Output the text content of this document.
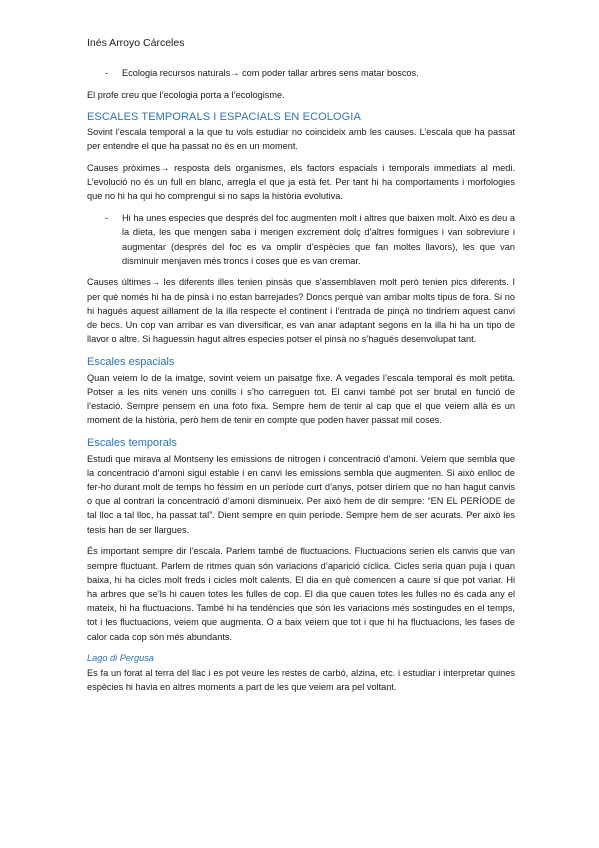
Inés Arroyo Cárceles
-	Ecologia recursos naturals→ com poder tallar arbres sens matar boscos.

El profe creu que l’ecologia porta a l’ecologisme.

ESCALES TEMPORALS I ESPACIALS EN ECOLOGIA

Sovint l’escala temporal a la que tu vols estudiar no coincideix amb les causes. L’escala que ha passat per entendre el que ha passat no és en un moment.

Causes pròximes→ resposta dels organismes, els factors espacials i temporals immediats al medi. L’evolució no és un full en blanc, arregla el que ja està fet. Per tant hi ha comportaments i morfologies que no hi ha qui ho comprengui si no saps la història evolutiva.

-	Hi ha unes especies que després del foc augmenten molt i altres que baixen molt. Això es deu a la dieta, les que mengen saba i mengen excrement dolç d’altres formigues i van sobreviure i augmentar (després del foc es va omplir d’espècies que fan moltes llavors), les que van disminuir menjaven més troncs i coses que es van cremar.

Causes últimes→ les diferents illes tenien pinsàs que s’assemblaven molt però tenien pics diferents. I per què només hi ha de pinsà i no estan barrejades? Doncs perquè van arribar molts tipus de fora. Si no hi hagués aquest aïllament de la illa respecte el continent i l’entrada de pinçà no tindríem aquest canvi de becs. Un cop van arribar es van diversificar, es van anar adaptant segons en la illa hi ha un tipo de llavor o altre. Si haguessin hagut altres especies potser el pinsà no s’hagués desenvolupat tant.

Escales espacials

Quan veiem lo de la imatge, sovint veiem un paisatge fixe. A vegades l’escala temporal és molt petita. Potser a les nits venen uns conills i s’ho carreguen tot. El canvi també pot ser brutal en funció de l’estació. Sempre pensem en una foto fixa. Sempre hem de tenir al cap que el que veiem allà és un moment de la història, però hem de tenir en compte que poden haver passat mil coses.

Escales temporals

Estudi que mirava al Montseny les emissions de nitrogen i concentració d’amoni. Veiem que sembla que la concentració d’amoni sigui estable i en canvi les emissions sembla que augmenten. Si això enlloc de fer-ho durant molt de temps ho féssim en un període curt d’anys, potser diríem que no han hagut canvis o que al contrari la concentració d’amoni disminueix. Per això hem de dir sempre: “EN EL PERÍODE de tal lloc a tal lloc, ha passat tal”. Dient sempre en quin període. Sempre hem de ser acurats. Per això les tesis han de ser llargues.

És important sempre dir l’escala. Parlem també de fluctuacions. Fluctuacions serien els canvis que van sempre fluctuant. Parlem de ritmes quan són variacions d’aparició cíclica. Cicles seria quan puja i quan baixa, hi ha cicles molt freds i cicles molt calents. El dia en què comencen a caure sí que pot variar. Hi ha arbres que se’ls hi cauen totes les fulles de cop. El dia que cauen totes les fulles no és cada any el mateix, hi ha fluctuacions. També hi ha tendències que són les variacions més sostingudes en el temps, tot i les fluctuacions, veiem que augmenta. O a baix veiem que tot i que hi ha fluctuacions, les fases de calor cada cop són més abundants.

Lago di Pergusa

Es fa un forat al terra del llac i es pot veure les restes de carbó, alzina, etc. i estudiar i interpretar quines espècies hi havia en altres moments a part de les que veiem ara pel voltant.
